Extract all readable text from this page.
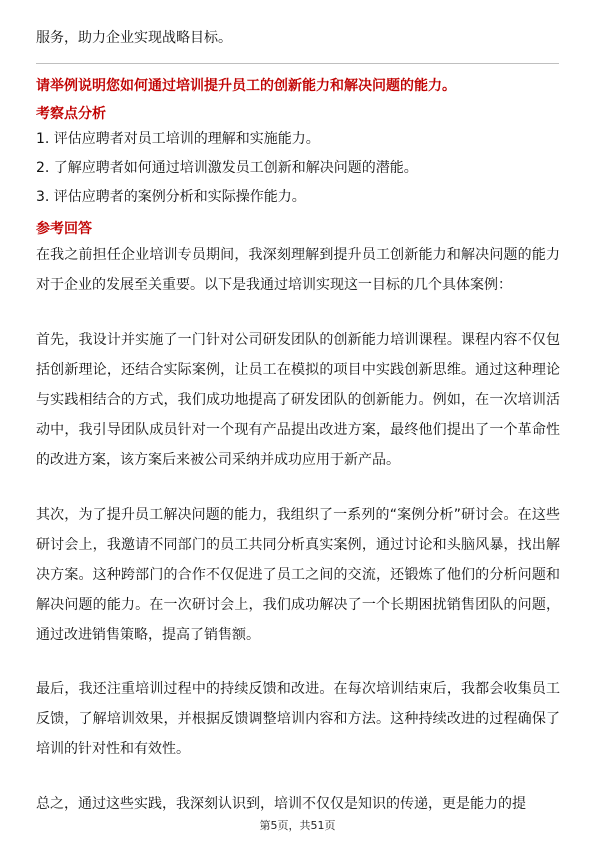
服务，助力企业实现战略目标。
请举例说明您如何通过培训提升员工的创新能力和解决问题的能力。
考察点分析
1. 评估应聘者对员工培训的理解和实施能力。
2. 了解应聘者如何通过培训激发员工创新和解决问题的潜能。
3. 评估应聘者的案例分析和实际操作能力。
参考回答
在我之前担任企业培训专员期间，我深刻理解到提升员工创新能力和解决问题的能力对于企业的发展至关重要。以下是我通过培训实现这一目标的几个具体案例：
首先，我设计并实施了一门针对公司研发团队的创新能力培训课程。课程内容不仅包括创新理论，还结合实际案例，让员工在模拟的项目中实践创新思维。通过这种理论与实践相结合的方式，我们成功地提高了研发团队的创新能力。例如，在一次培训活动中，我引导团队成员针对一个现有产品提出改进方案，最终他们提出了一个革命性的改进方案，该方案后来被公司采纳并成功应用于新产品。
其次，为了提升员工解决问题的能力，我组织了一系列的“案例分析”研讨会。在这些研讨会上，我邀请不同部门的员工共同分析真实案例，通过讨论和头脑风暴，找出解决方案。这种跨部门的合作不仅促进了员工之间的交流，还锻炼了他们的分析问题和解决问题的能力。在一次研讨会上，我们成功解决了一个长期困扰销售团队的问题，通过改进销售策略，提高了销售额。
最后，我还注重培训过程中的持续反馈和改进。在每次培训结束后，我都会收集员工反馈，了解培训效果，并根据反馈调整培训内容和方法。这种持续改进的过程确保了培训的针对性和有效性。
总之，通过这些实践，我深刻认识到，培训不仅仅是知识的传递，更是能力的提
第5页，共51页
